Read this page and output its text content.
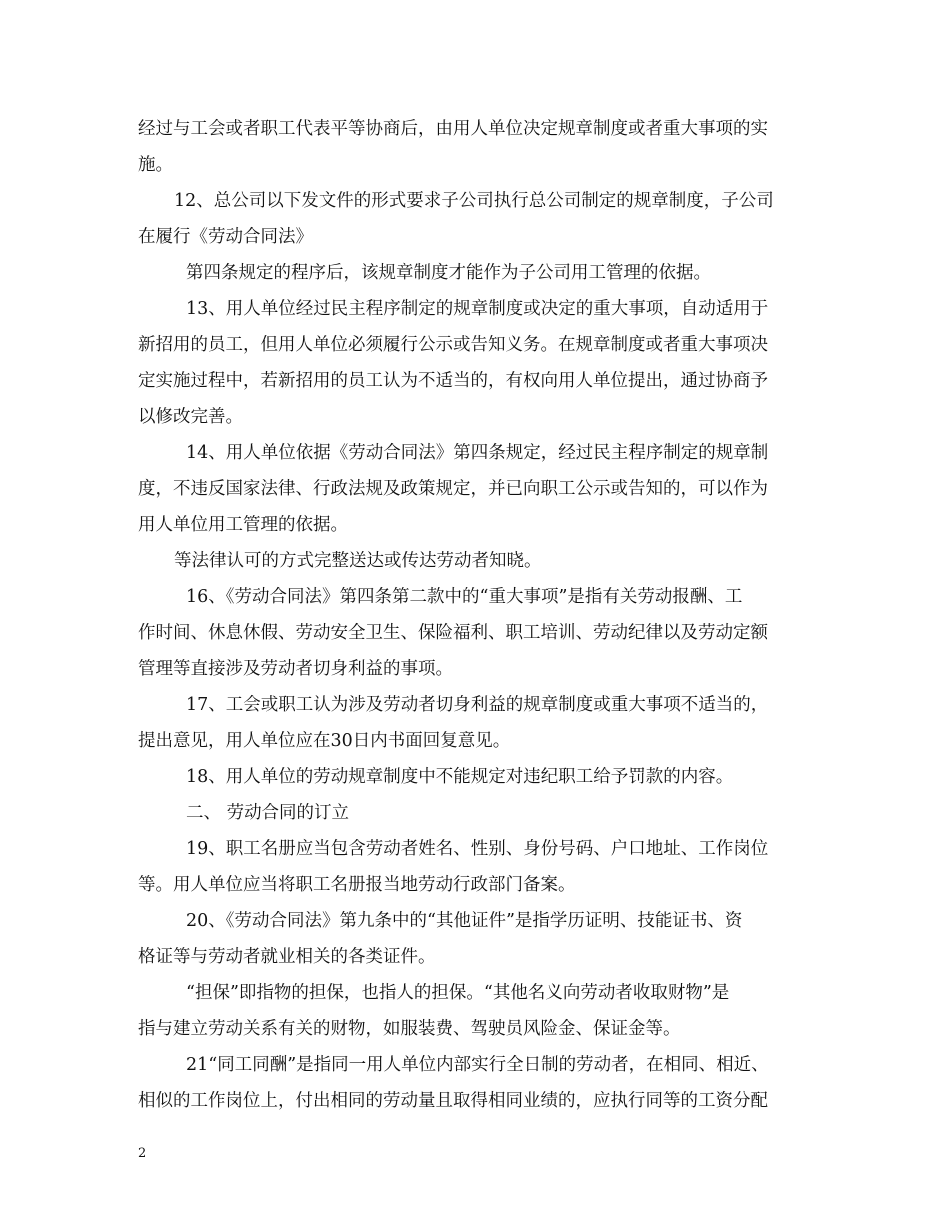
经过与工会或者职工代表平等协商后，由用人单位决定规章制度或者重大事项的实
施。
12、总公司以下发文件的形式要求子公司执行总公司制定的规章制度，子公司
在履行《劳动合同法》
第四条规定的程序后，该规章制度才能作为子公司用工管理的依据。
13、用人单位经过民主程序制定的规章制度或决定的重大事项，自动适用于
新招用的员工，但用人单位必须履行公示或告知义务。在规章制度或者重大事项决
定实施过程中，若新招用的员工认为不适当的，有权向用人单位提出，通过协商予
以修改完善。
14、用人单位依据《劳动合同法》第四条规定，经过民主程序制定的规章制
度，不违反国家法律、行政法规及政策规定，并已向职工公示或告知的，可以作为
用人单位用工管理的依据。
等法律认可的方式完整送达或传达劳动者知晓。
16、《劳动合同法》第四条第二款中的“重大事项”是指有关劳动报酬、工
作时间、休息休假、劳动安全卫生、保险福利、职工培训、劳动纪律以及劳动定额
管理等直接涉及劳动者切身利益的事项。
17、工会或职工认为涉及劳动者切身利益的规章制度或重大事项不适当的，
提出意见，用人单位应在30日内书面回复意见。
18、用人单位的劳动规章制度中不能规定对违纪职工给予罚款的内容。
二、 劳动合同的订立
19、职工名册应当包含劳动者姓名、性别、身份号码、户口地址、工作岗位
等。用人单位应当将职工名册报当地劳动行政部门备案。
20、《劳动合同法》第九条中的“其他证件”是指学历证明、技能证书、资
格证等与劳动者就业相关的各类证件。
“担保”即指物的担保，也指人的担保。“其他名义向劳动者收取财物”是
指与建立劳动关系有关的财物，如服装费、驾驶员风险金、保证金等。
21“同工同酬”是指同一用人单位内部实行全日制的劳动者，在相同、相近、
相似的工作岗位上，付出相同的劳动量且取得相同业绩的，应执行同等的工资分配
2
